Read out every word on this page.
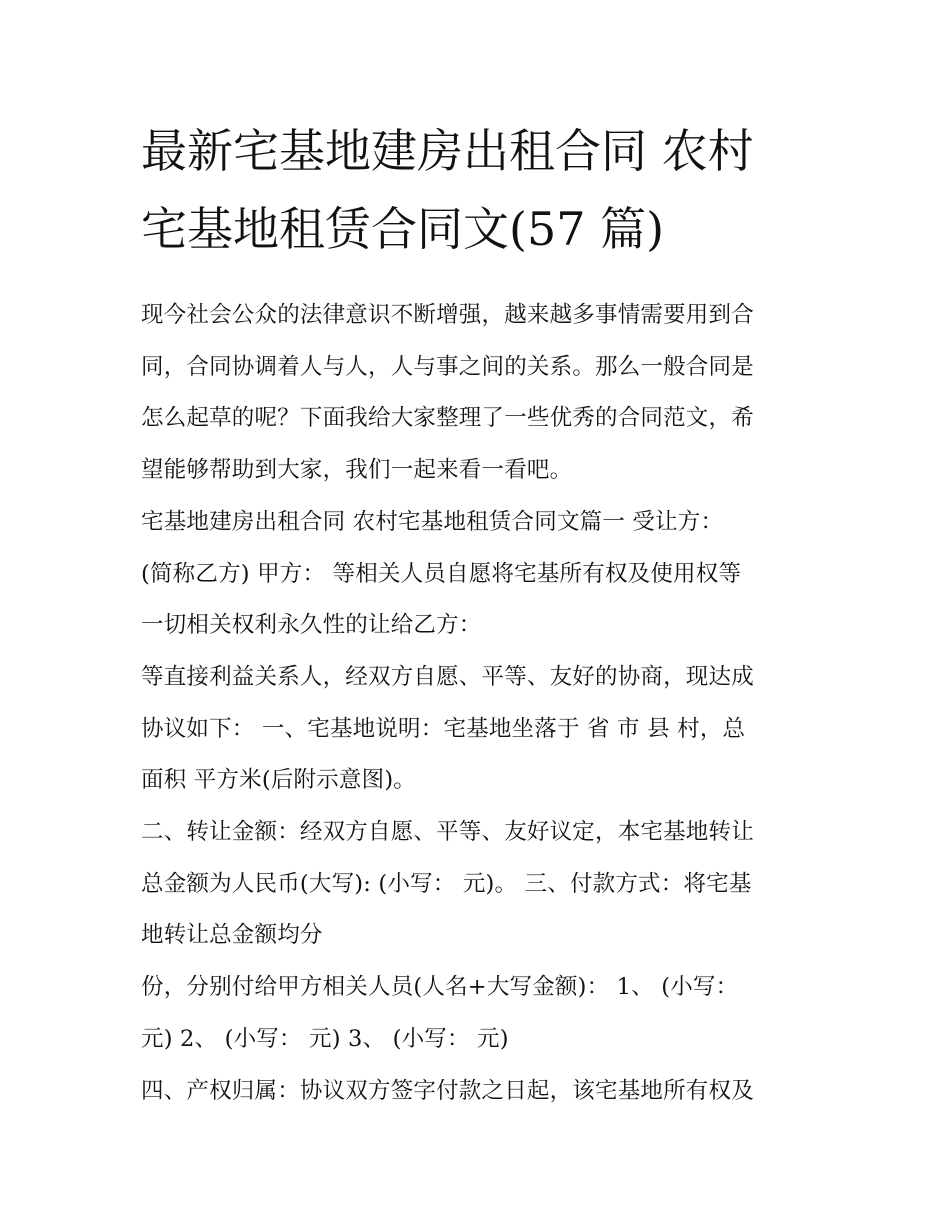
最新宅基地建房出租合同 农村
宅基地租赁合同文(57 篇)

现今社会公众的法律意识不断增强，越来越多事情需要用到合
同，合同协调着人与人，人与事之间的关系。那么一般合同是
怎么起草的呢？下面我给大家整理了一些优秀的合同范文，希
望能够帮助到大家，我们一起来看一看吧。

宅基地建房出租合同 农村宅基地租赁合同文篇一 受让方：
(简称乙方) 甲方： 等相关人员自愿将宅基所有权及使用权等
一切相关权利永久性的让给乙方：

等直接利益关系人，经双方自愿、平等、友好的协商，现达成
协议如下： 一、宅基地说明：宅基地坐落于 省 市 县 村，总
面积 平方米(后附示意图)。

二、转让金额：经双方自愿、平等、友好议定，本宅基地转让
总金额为人民币(大写): (小写： 元)。 三、付款方式：将宅基
地转让总金额均分

份，分别付给甲方相关人员(人名+大写金额)： 1、 (小写：
元) 2、 (小写： 元) 3、 (小写： 元)

四、产权归属：协议双方签字付款之日起，该宅基地所有权及
